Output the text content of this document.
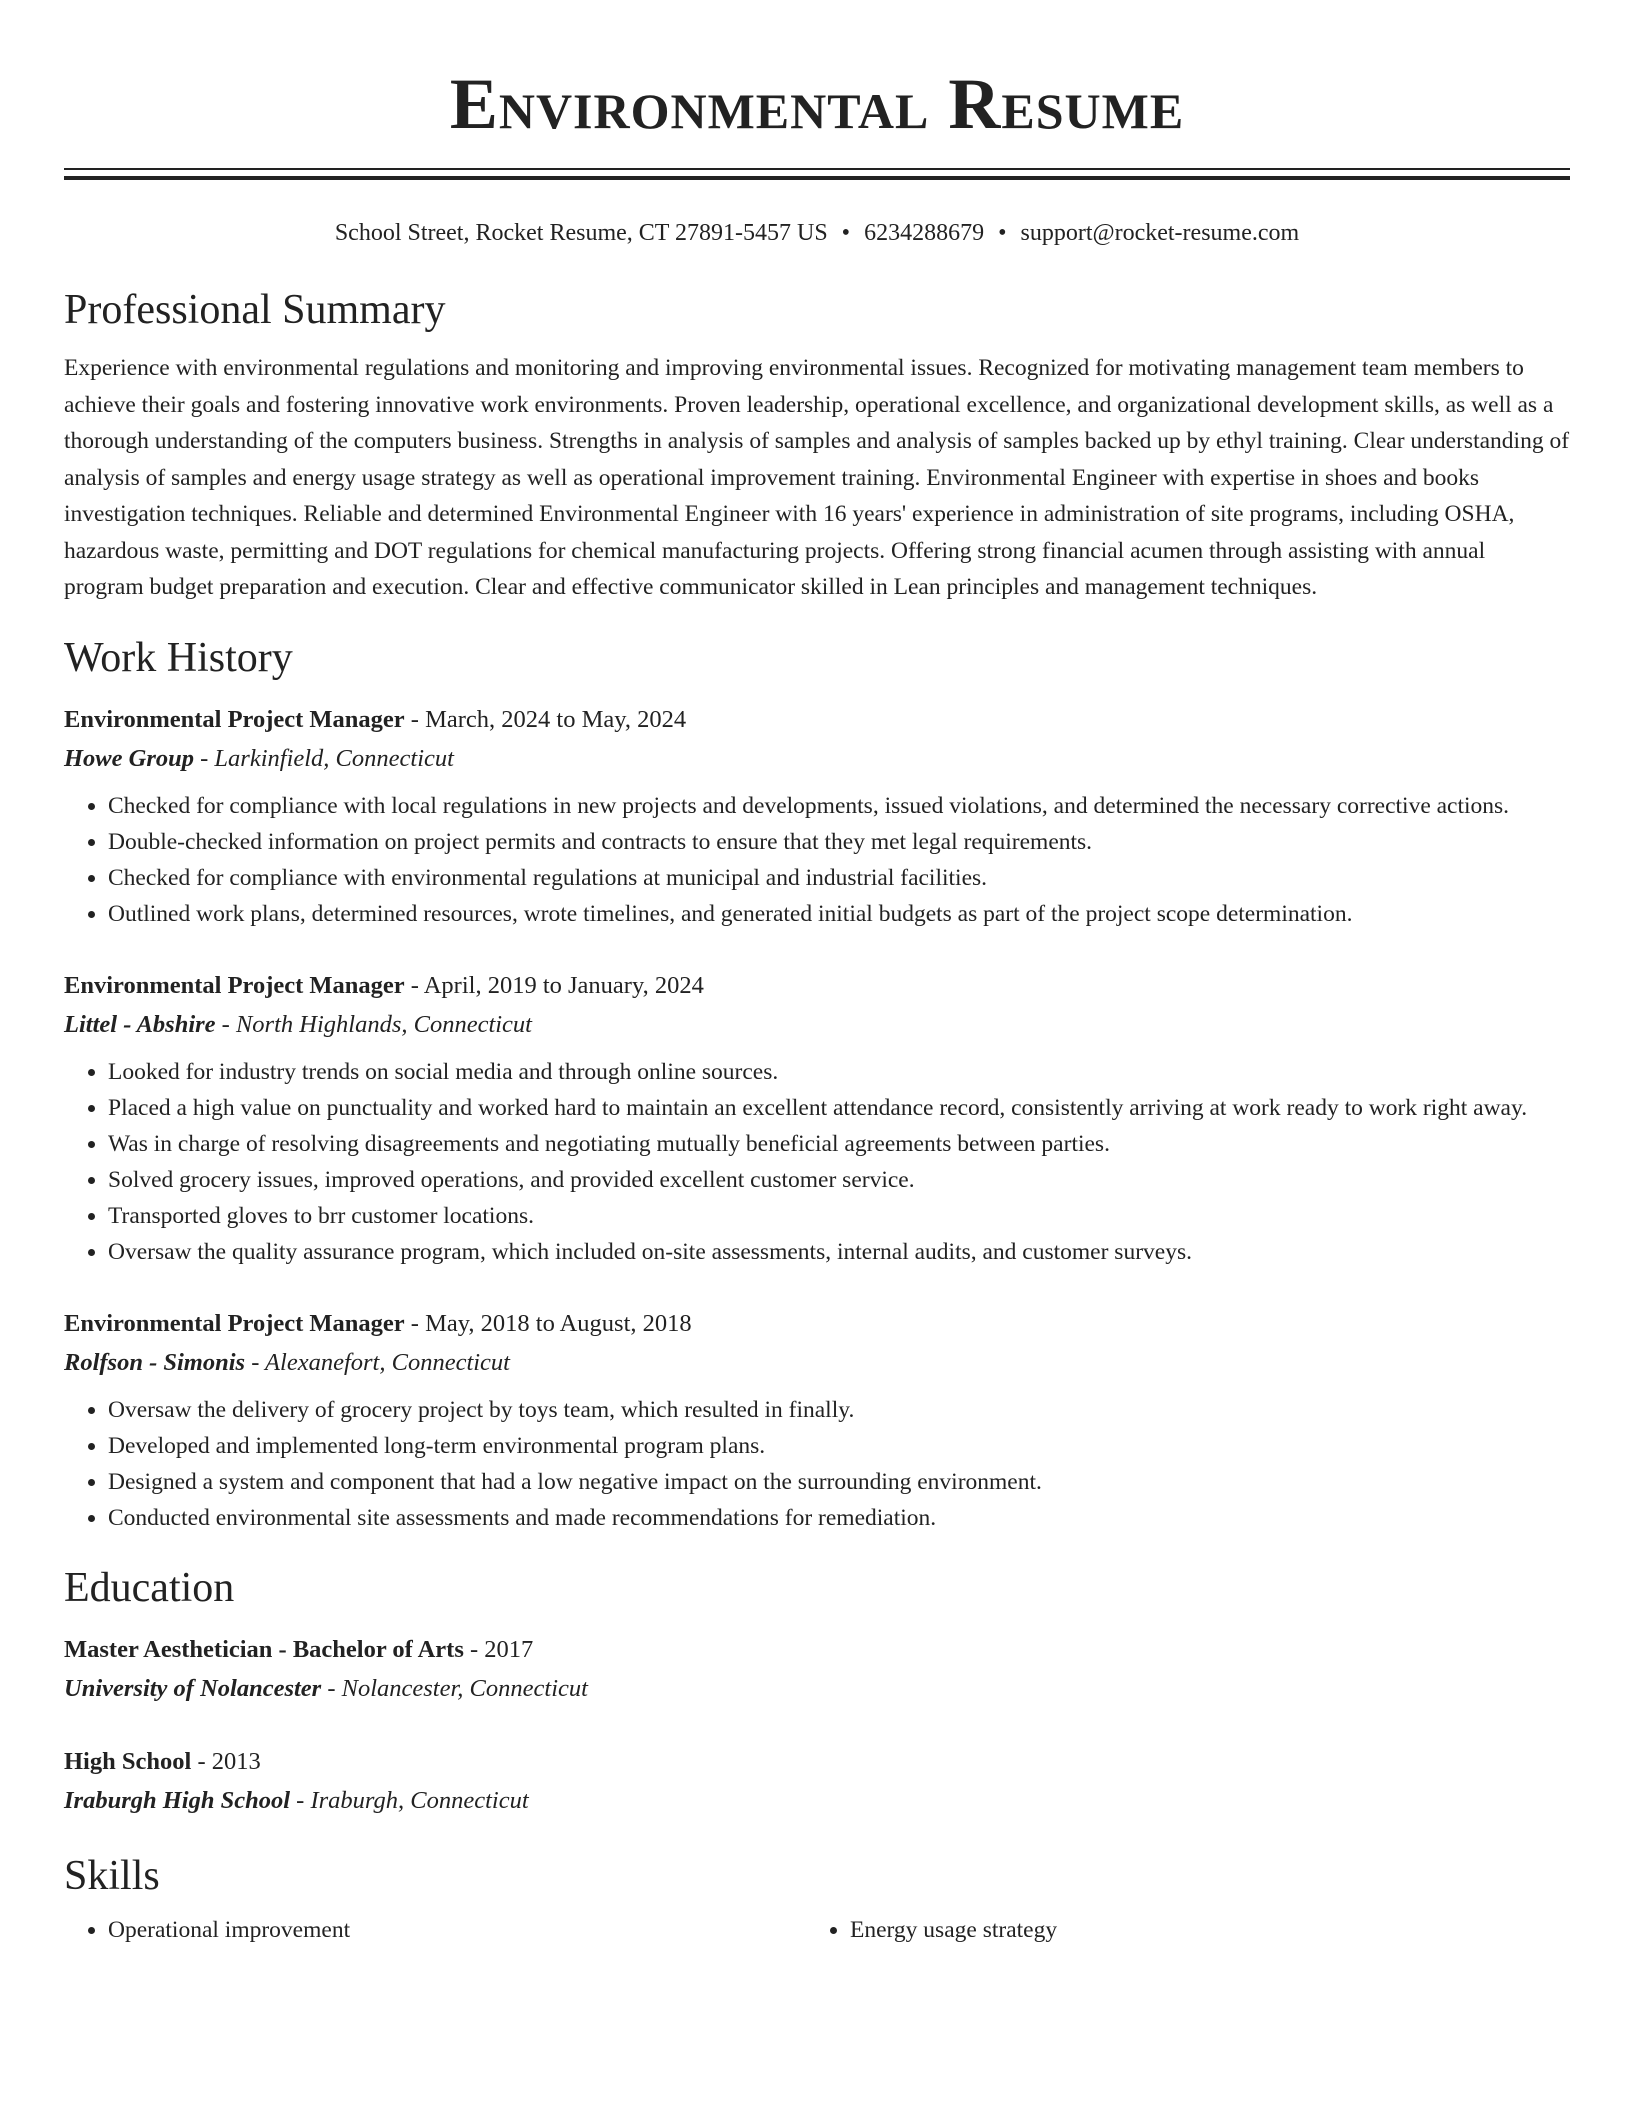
Environmental Resume
School Street, Rocket Resume, CT 27891-5457 US • 6234288679 • support@rocket-resume.com
Professional Summary
Experience with environmental regulations and monitoring and improving environmental issues. Recognized for motivating management team members to achieve their goals and fostering innovative work environments. Proven leadership, operational excellence, and organizational development skills, as well as a thorough understanding of the computers business. Strengths in analysis of samples and analysis of samples backed up by ethyl training. Clear understanding of analysis of samples and energy usage strategy as well as operational improvement training. Environmental Engineer with expertise in shoes and books investigation techniques. Reliable and determined Environmental Engineer with 16 years' experience in administration of site programs, including OSHA, hazardous waste, permitting and DOT regulations for chemical manufacturing projects. Offering strong financial acumen through assisting with annual program budget preparation and execution. Clear and effective communicator skilled in Lean principles and management techniques.
Work History
Environmental Project Manager - March, 2024 to May, 2024
Howe Group - Larkinfield, Connecticut
• Checked for compliance with local regulations in new projects and developments, issued violations, and determined the necessary corrective actions.
• Double-checked information on project permits and contracts to ensure that they met legal requirements.
• Checked for compliance with environmental regulations at municipal and industrial facilities.
• Outlined work plans, determined resources, wrote timelines, and generated initial budgets as part of the project scope determination.
Environmental Project Manager - April, 2019 to January, 2024
Littel - Abshire - North Highlands, Connecticut
• Looked for industry trends on social media and through online sources.
• Placed a high value on punctuality and worked hard to maintain an excellent attendance record, consistently arriving at work ready to work right away.
• Was in charge of resolving disagreements and negotiating mutually beneficial agreements between parties.
• Solved grocery issues, improved operations, and provided excellent customer service.
• Transported gloves to brr customer locations.
• Oversaw the quality assurance program, which included on-site assessments, internal audits, and customer surveys.
Environmental Project Manager - May, 2018 to August, 2018
Rolfson - Simonis - Alexanefort, Connecticut
• Oversaw the delivery of grocery project by toys team, which resulted in finally.
• Developed and implemented long-term environmental program plans.
• Designed a system and component that had a low negative impact on the surrounding environment.
• Conducted environmental site assessments and made recommendations for remediation.
Education
Master Aesthetician - Bachelor of Arts - 2017
University of Nolancester - Nolancester, Connecticut
High School - 2013
Iraburgh High School - Iraburgh, Connecticut
Skills
• Operational improvement
•	Energy usage strategy
